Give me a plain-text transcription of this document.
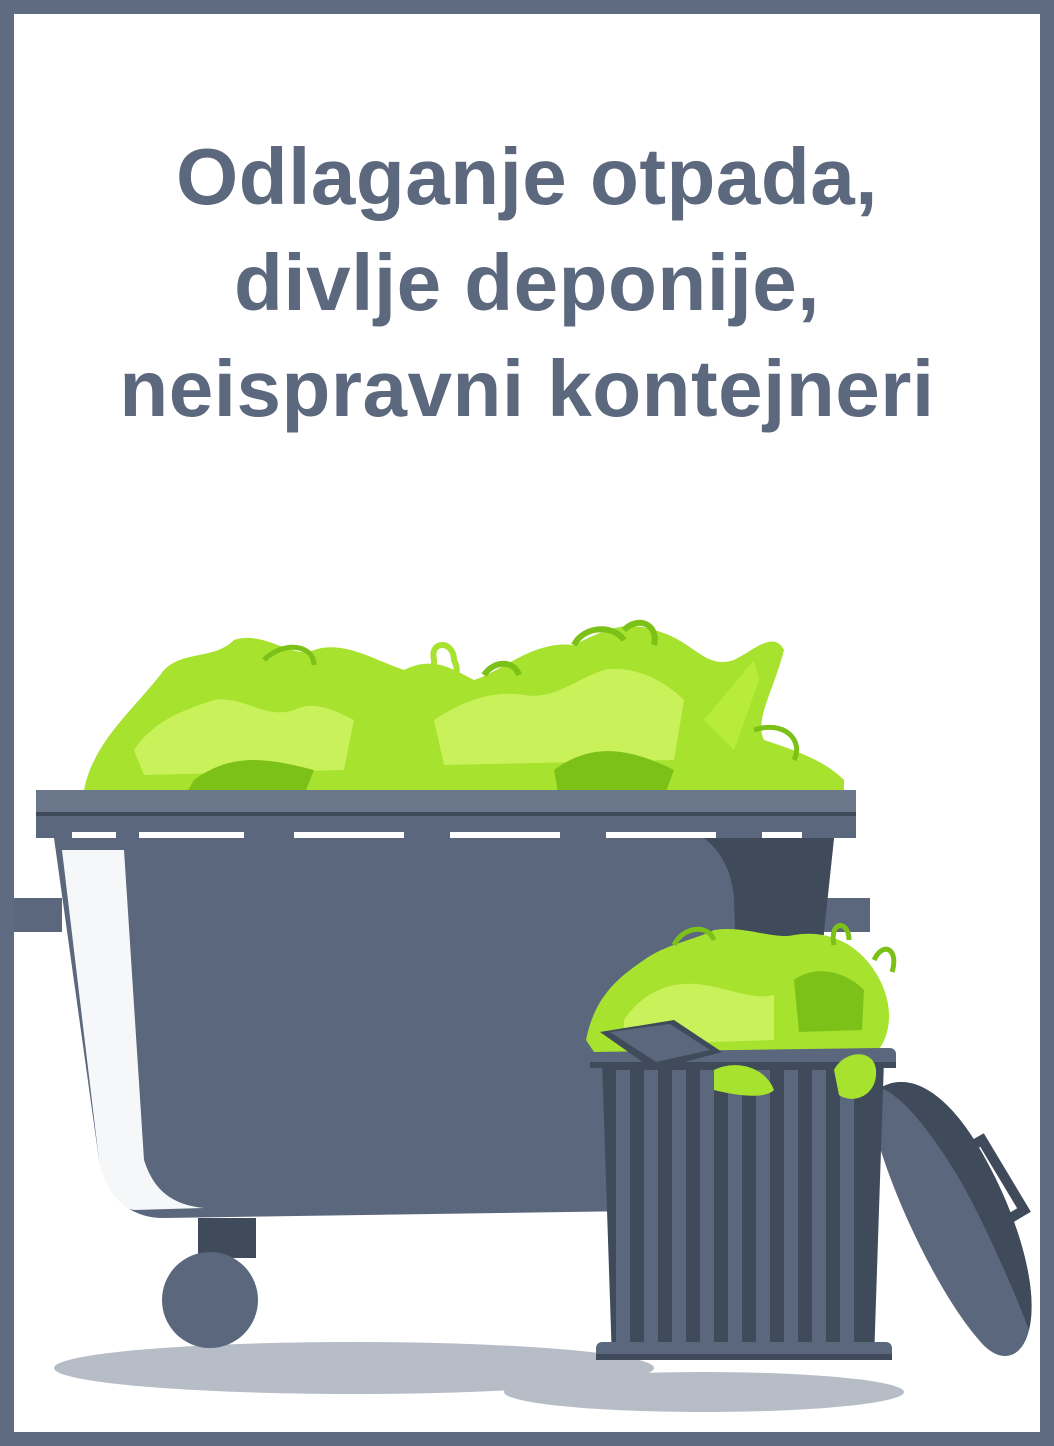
Odlaganje otpada,
divlje deponije,
neispravni kontejneri
